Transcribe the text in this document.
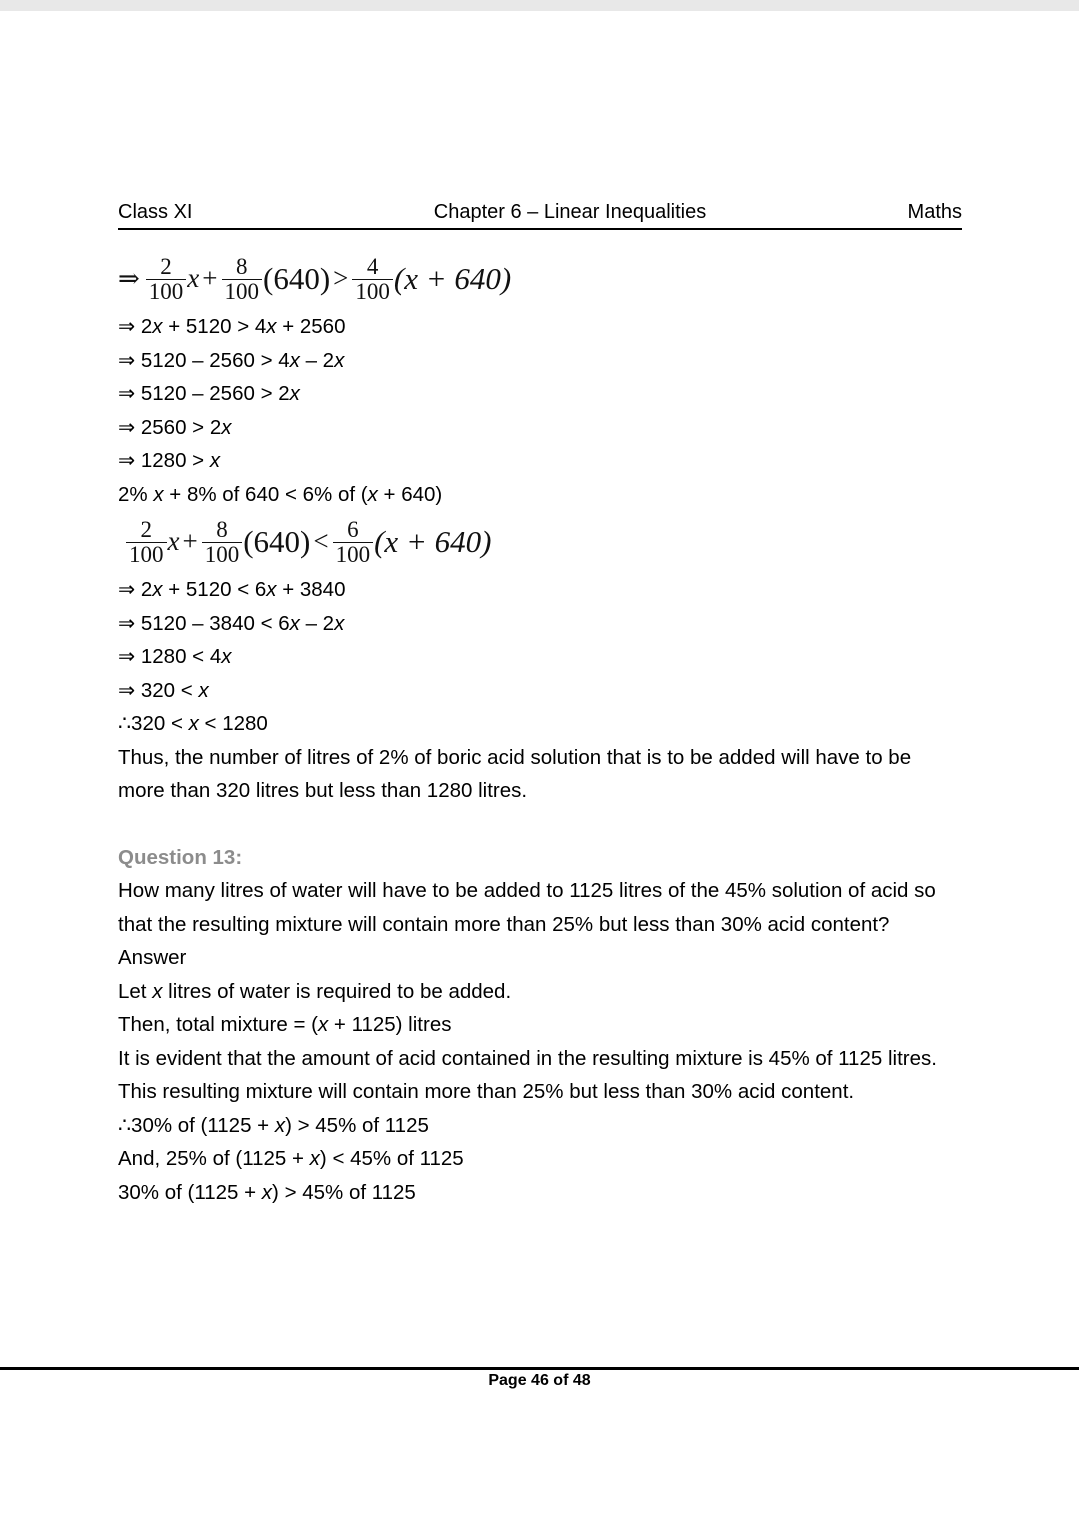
Class XI	Chapter 6 – Linear Inequalities	Maths
⇒ $\frac{2}{100}$ $x + \frac{8}{100} (640) > \frac{4}{100} (x + 640)$
⇒ 2x + 5120 > 4x + 2560
⇒ 5120 – 2560 > 4x – 2x
⇒ 5120 – 2560 > 2x
⇒ 2560 > 2x
⇒ 1280 > x
2% x + 8% of 640 < 6% of (x + 640)
$\frac{2}{100}$ $x + \frac{8}{100} (640) < \frac{6}{100} (x + 640)$
⇒ 2x + 5120 < 6x + 3840
⇒ 5120 – 3840 < 6x – 2x
⇒ 1280 < 4x
⇒ 320 < x
∴320 < x < 1280
Thus, the number of litres of 2% of boric acid solution that is to be added will have to be more than 320 litres but less than 1280 litres.
Question 13:
How many litres of water will have to be added to 1125 litres of the 45% solution of acid so that the resulting mixture will contain more than 25% but less than 30% acid content?
Answer
Let x litres of water is required to be added.
Then, total mixture = (x + 1125) litres
It is evident that the amount of acid contained in the resulting mixture is 45% of 1125 litres.
This resulting mixture will contain more than 25% but less than 30% acid content.
∴30% of (1125 + x) > 45% of 1125
And, 25% of (1125 + x) < 45% of 1125
30% of (1125 + x) > 45% of 1125
Page 46 of 48
